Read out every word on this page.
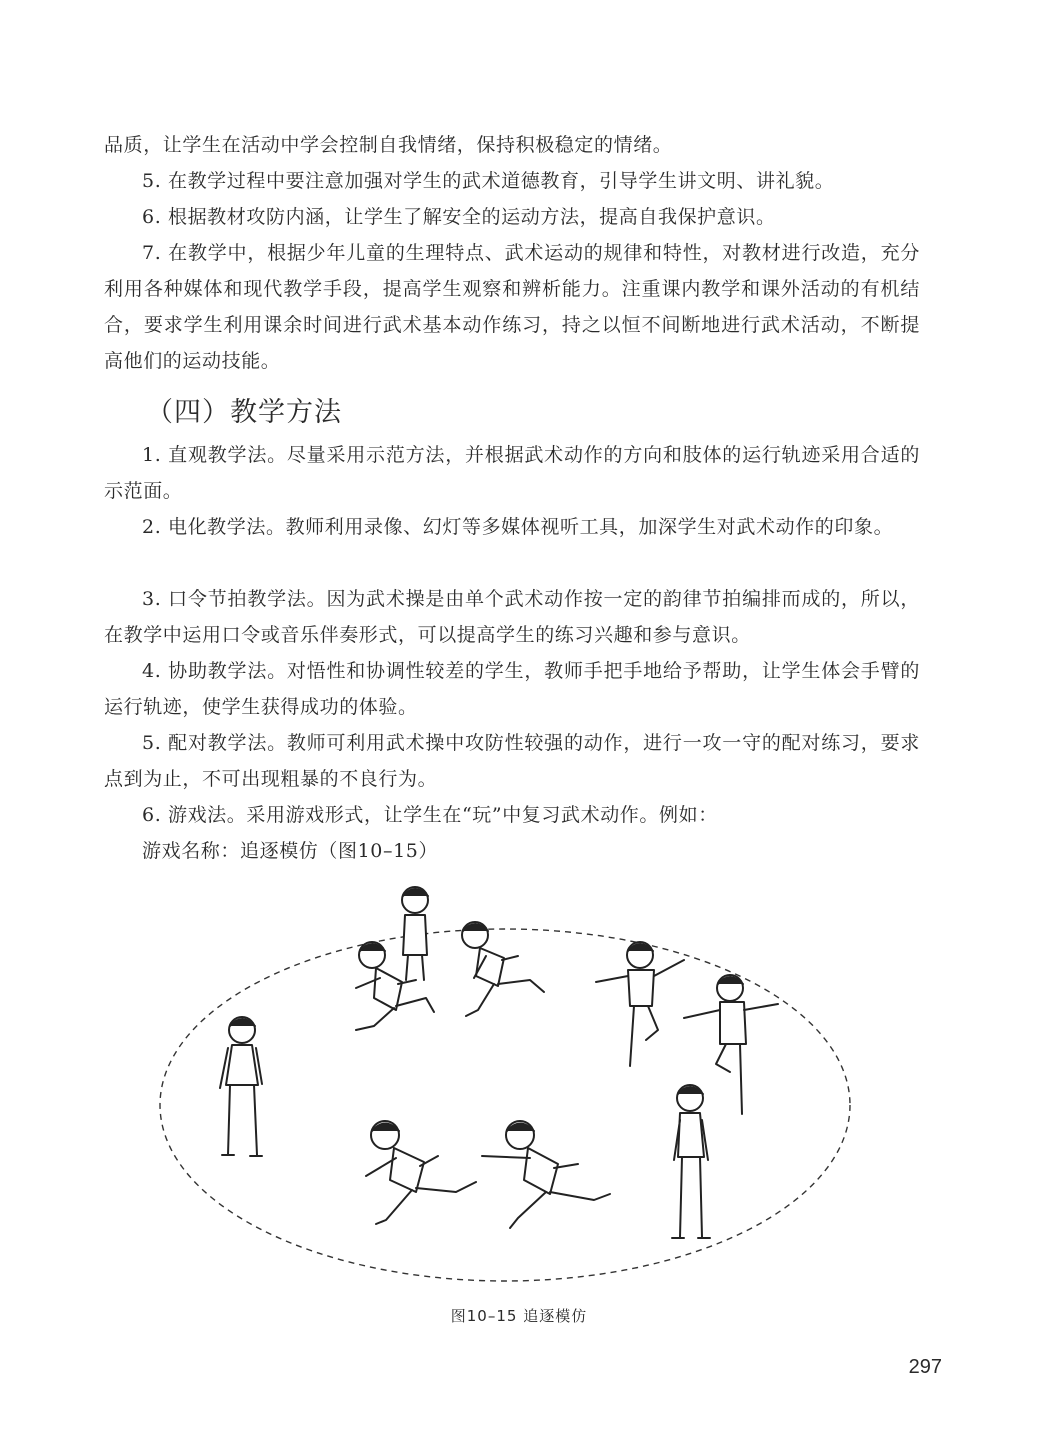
品质，让学生在活动中学会控制自我情绪，保持积极稳定的情绪。

5. 在教学过程中要注意加强对学生的武术道德教育，引导学生讲文明、讲礼貌。

6. 根据教材攻防内涵，让学生了解安全的运动方法，提高自我保护意识。

7. 在教学中，根据少年儿童的生理特点、武术运动的规律和特性，对教材进行改造，充分利用各种媒体和现代教学手段，提高学生观察和辨析能力。注重课内教学和课外活动的有机结合，要求学生利用课余时间进行武术基本动作练习，持之以恒不间断地进行武术活动，不断提高他们的运动技能。

（四）教学方法

1. 直观教学法。尽量采用示范方法，并根据武术动作的方向和肢体的运行轨迹采用合适的示范面。

2. 电化教学法。教师利用录像、幻灯等多媒体视听工具，加深学生对武术动作的印象。

3. 口令节拍教学法。因为武术操是由单个武术动作按一定的韵律节拍编排而成的，所以，在教学中运用口令或音乐伴奏形式，可以提高学生的练习兴趣和参与意识。

4. 协助教学法。对悟性和协调性较差的学生，教师手把手地给予帮助，让学生体会手臂的运行轨迹，使学生获得成功的体验。

5. 配对教学法。教师可利用武术操中攻防性较强的动作，进行一攻一守的配对练习，要求点到为止，不可出现粗暴的不良行为。

6. 游戏法。采用游戏形式，让学生在“玩”中复习武术动作。例如：

游戏名称：追逐模仿（图10–15）

图10–15 追逐模仿
297
